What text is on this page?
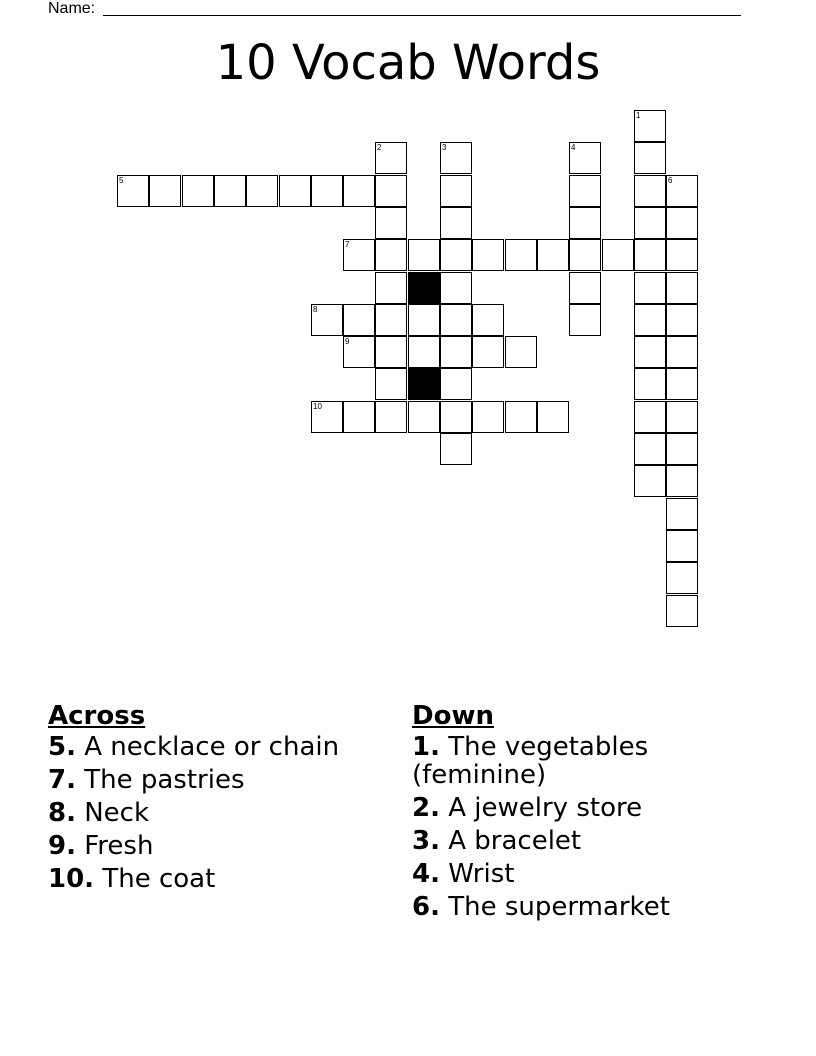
Name:
10 Vocab Words
1
2	3	4
5	6
7
8
9
10
Across
5. A necklace or chain
7. The pastries
8. Neck
9. Fresh
10. The coat
Down
1. The vegetables (feminine)
2. A jewelry store
3. A bracelet
4. Wrist
6. The supermarket
